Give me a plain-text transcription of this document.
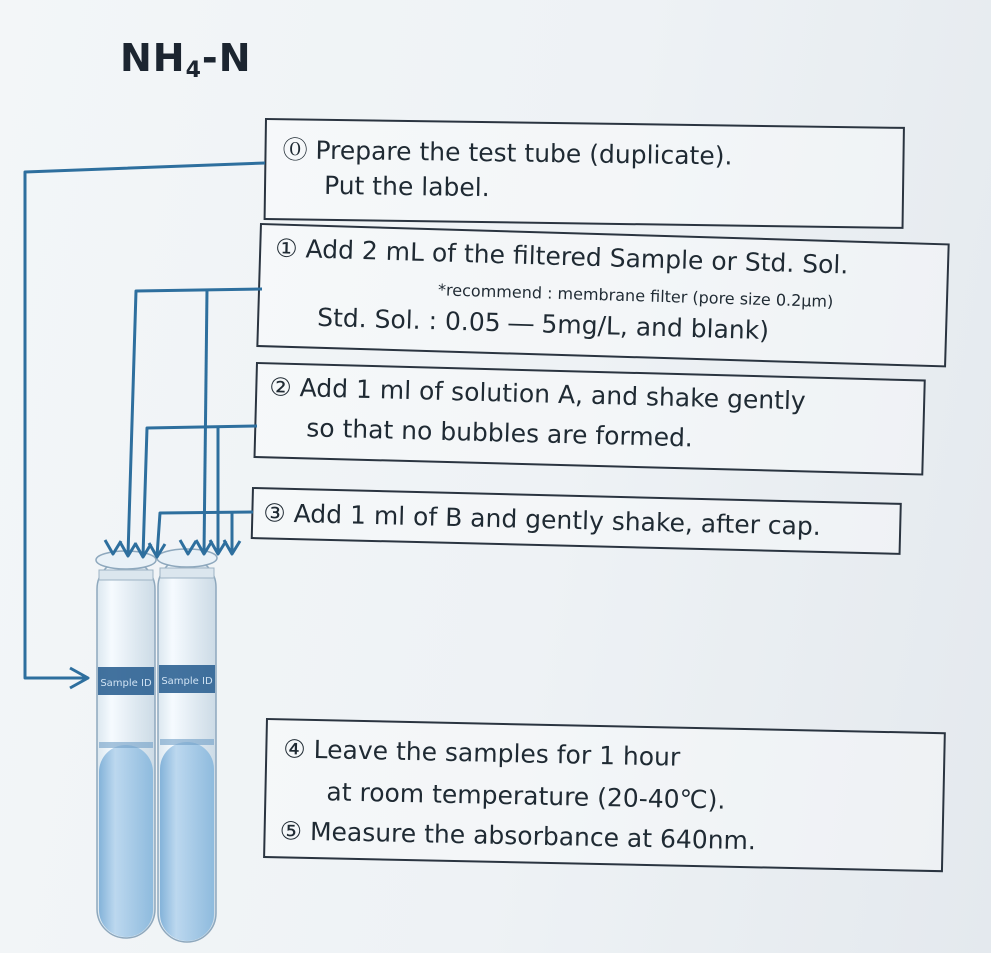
$NH_4-N$
⓪ Prepare the test tube (duplicate).
Put the label.
① Add 2 mL of the filtered Sample or Std. Sol.
*recommend : membrane filter (pore size 0.2μm)
Std. Sol. : 0.05 ― 5mg/L, and blank)
② Add 1 ml of solution A, and shake gently
so that no bubbles are formed.
③ Add 1 ml of B and gently shake, after cap.
④ Leave the samples for 1 hour
at room temperature (20-40℃).
⑤ Measure the absorbance at 640nm.
Sample ID Sample ID
